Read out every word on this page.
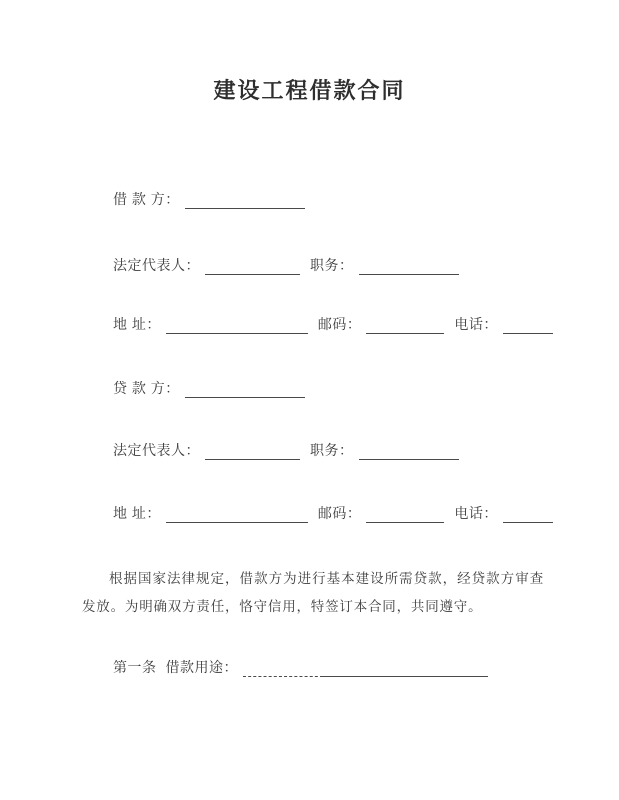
建设工程借款合同
借 款 方：
法定代表人：	职务：
地 址：	邮码：	电话：
贷 款 方：
法定代表人：	职务：
地 址：	邮码：	电话：

根据国家法律规定，借款方为进行基本建设所需贷款，经贷款方审查发放。为明确双方责任，恪守信用，特签订本合同，共同遵守。

第一条 借款用途：
